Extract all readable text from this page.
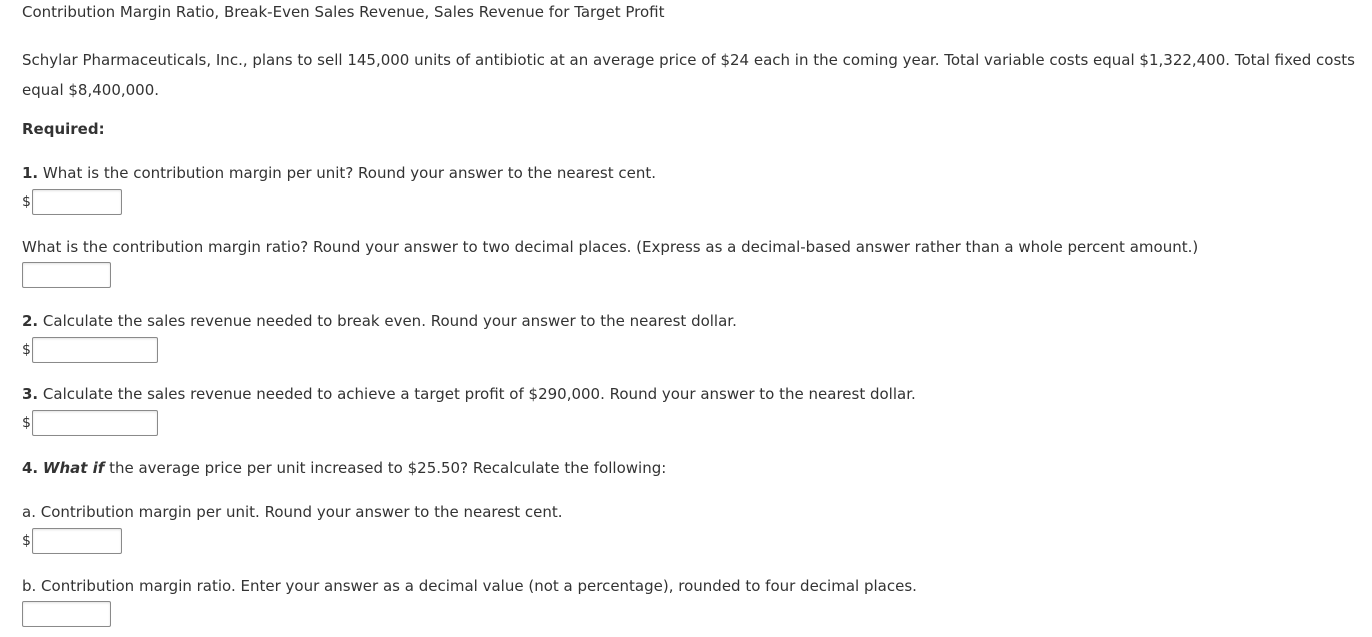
Contribution Margin Ratio, Break-Even Sales Revenue, Sales Revenue for Target Profit
Schylar Pharmaceuticals, Inc., plans to sell 145,000 units of antibiotic at an average price of $24 each in the coming year. Total variable costs equal $1,322,400. Total fixed costs equal $8,400,000.
Required:
1. What is the contribution margin per unit? Round your answer to the nearest cent.
$
What is the contribution margin ratio? Round your answer to two decimal places. (Express as a decimal-based answer rather than a whole percent amount.)
2. Calculate the sales revenue needed to break even. Round your answer to the nearest dollar.
$
3. Calculate the sales revenue needed to achieve a target profit of $290,000. Round your answer to the nearest dollar.
$
4. What if the average price per unit increased to $25.50? Recalculate the following:
a. Contribution margin per unit. Round your answer to the nearest cent.
$
b. Contribution margin ratio. Enter your answer as a decimal value (not a percentage), rounded to four decimal places.
